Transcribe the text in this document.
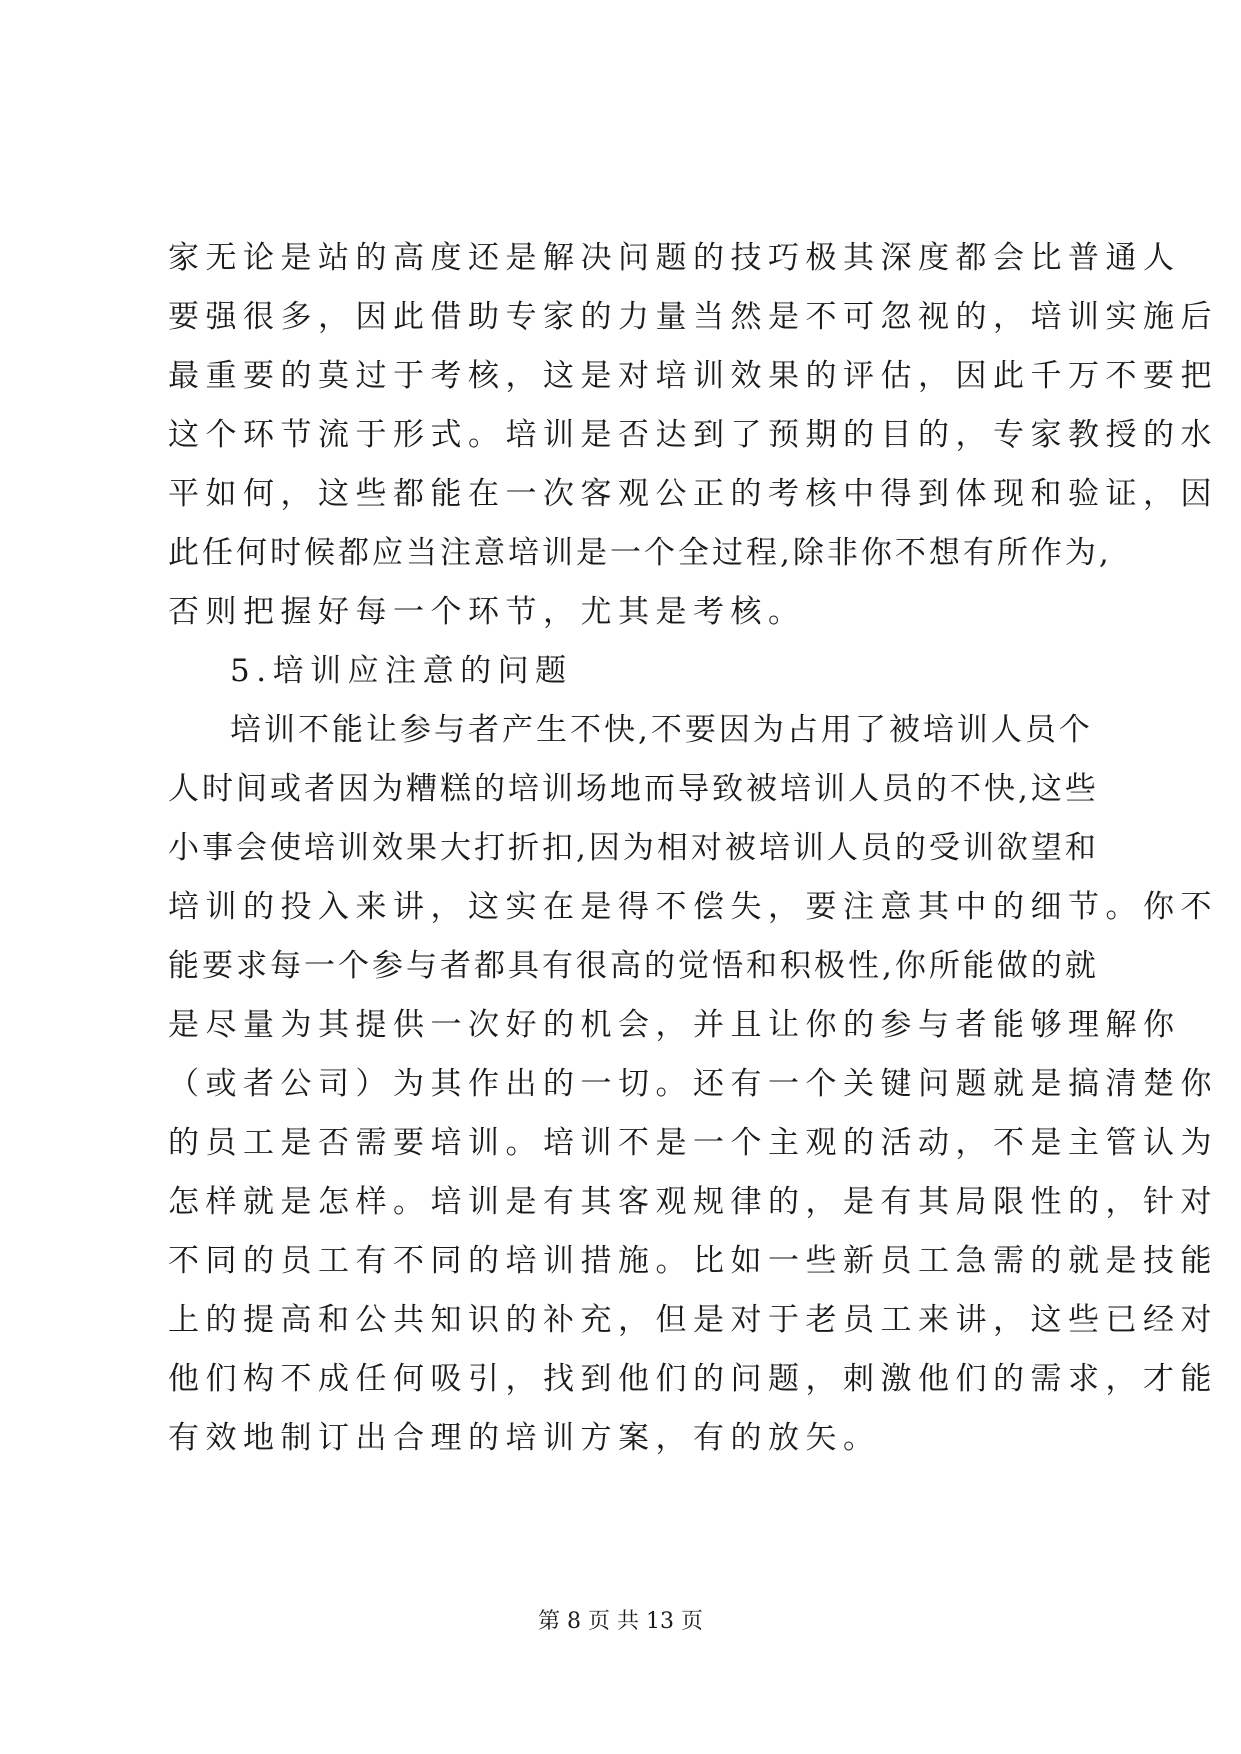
家无论是站的高度还是解决问题的技巧极其深度都会比普通人
要强很多，因此借助专家的力量当然是不可忽视的，培训实施后
最重要的莫过于考核，这是对培训效果的评估，因此千万不要把
这个环节流于形式。培训是否达到了预期的目的，专家教授的水
平如何，这些都能在一次客观公正的考核中得到体现和验证，因
此任何时候都应当注意培训是一个全过程,除非你不想有所作为,
否则把握好每一个环节，尤其是考核。
5.培训应注意的问题
培训不能让参与者产生不快,不要因为占用了被培训人员个
人时间或者因为糟糕的培训场地而导致被培训人员的不快,这些
小事会使培训效果大打折扣,因为相对被培训人员的受训欲望和
培训的投入来讲，这实在是得不偿失，要注意其中的细节。你不
能要求每一个参与者都具有很高的觉悟和积极性,你所能做的就
是尽量为其提供一次好的机会，并且让你的参与者能够理解你
（或者公司）为其作出的一切。还有一个关键问题就是搞清楚你
的员工是否需要培训。培训不是一个主观的活动，不是主管认为
怎样就是怎样。培训是有其客观规律的，是有其局限性的，针对
不同的员工有不同的培训措施。比如一些新员工急需的就是技能
上的提高和公共知识的补充，但是对于老员工来讲，这些已经对
他们构不成任何吸引，找到他们的问题，刺激他们的需求，才能
有效地制订出合理的培训方案，有的放矢。
第 8 页 共 13 页
